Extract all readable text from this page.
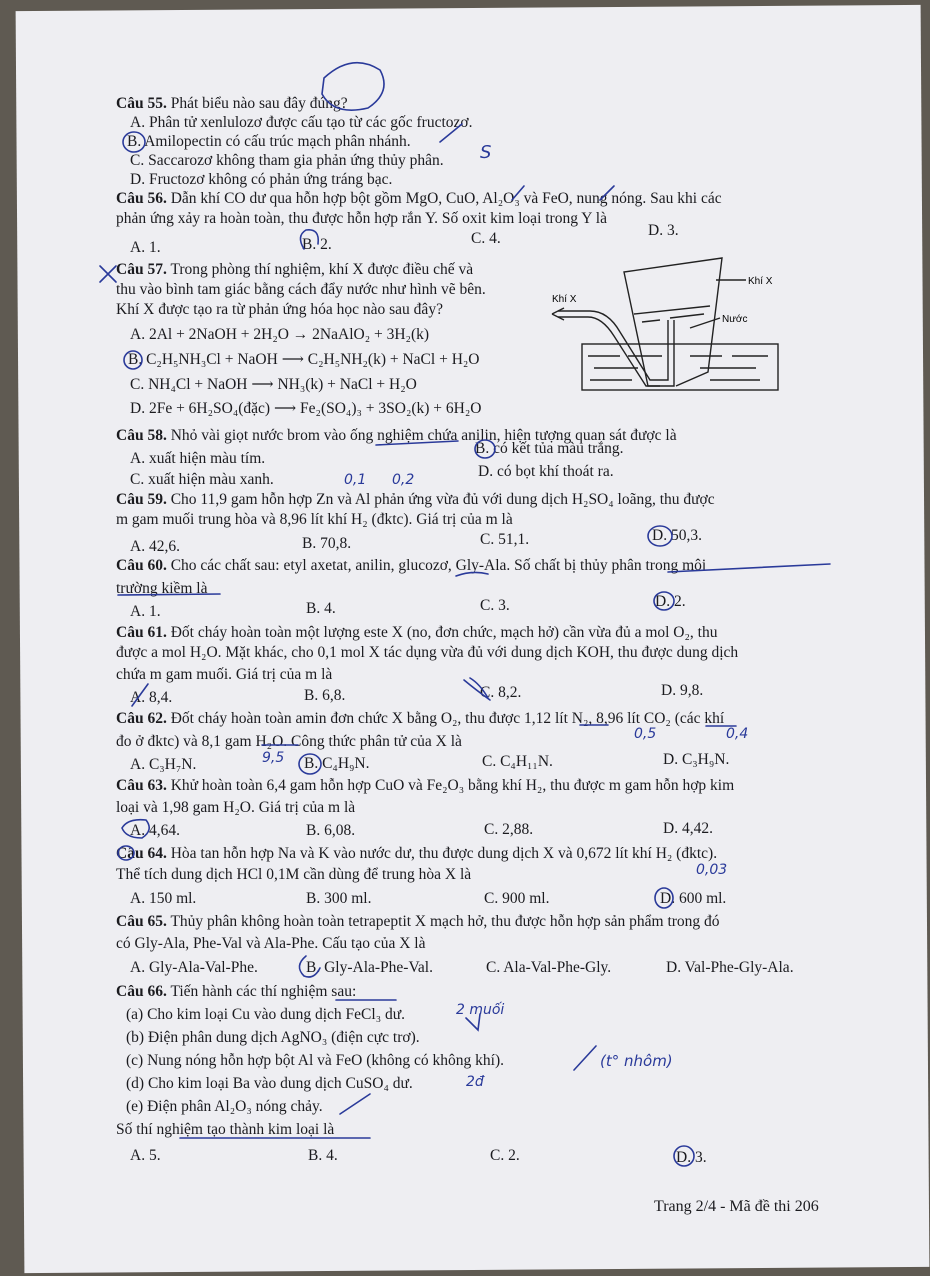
Câu 55. Phát biểu nào sau đây đúng?
A. Phân tử xenlulozơ được cấu tạo từ các gốc fructozơ.
B. Amilopectin có cấu trúc mạch phân nhánh.
C. Saccarozơ không tham gia phản ứng thủy phân.
D. Fructozơ không có phản ứng tráng bạc.
Câu 56. Dẫn khí CO dư qua hỗn hợp bột gồm MgO, CuO, Al₂O₃ và FeO, nung nóng. Sau khi các
phản ứng xảy ra hoàn toàn, thu được hỗn hợp rắn Y. Số oxit kim loại trong Y là
A. 1.	B. 2.	C. 4.	D. 3.
Câu 57. Trong phòng thí nghiệm, khí X được điều chế và
thu vào bình tam giác bằng cách đẩy nước như hình vẽ bên.
Khí X được tạo ra từ phản ứng hóa học nào sau đây?
A. 2Al + 2NaOH + 2H₂O → 2NaAlO₂ + 3H₂(k)
B. C₂H₅NH₃Cl + NaOH ⟶ C₂H₅NH₂(k) + NaCl + H₂O
C. NH₄Cl + NaOH ⟶ NH₃(k) + NaCl + H₂O
D. 2Fe + 6H₂SO₄(đặc) ⟶ Fe₂(SO₄)₃ + 3SO₂(k) + 6H₂O
Khí X
Khí X
Nước
Câu 58. Nhỏ vài giọt nước brom vào ống nghiệm chứa anilin, hiện tượng quan sát được là
A. xuất hiện màu tím.
B. có kết tủa màu trắng.
C. xuất hiện màu xanh.	D. có bọt khí thoát ra.
Câu 59. Cho 11,9 gam hỗn hợp Zn và Al phản ứng vừa đủ với dung dịch H₂SO₄ loãng, thu được
m gam muối trung hòa và 8,96 lít khí H₂ (đktc). Giá trị của m là
A. 42,6.	B. 70,8.	C. 51,1.	D. 50,3.
Câu 60. Cho các chất sau: etyl axetat, anilin, glucozơ, Gly-Ala. Số chất bị thủy phân trong môi
trường kiềm là
A. 1.	B. 4.	C. 3.	D. 2.
Câu 61. Đốt cháy hoàn toàn một lượng este X (no, đơn chức, mạch hở) cần vừa đủ a mol O₂, thu
được a mol H₂O. Mặt khác, cho 0,1 mol X tác dụng vừa đủ với dung dịch KOH, thu được dung dịch
chứa m gam muối. Giá trị của m là
A. 8,4.	B. 6,8.	C. 8,2.	D. 9,8.
Câu 62. Đốt cháy hoàn toàn amin đơn chức X bằng O₂, thu được 1,12 lít N₂, 8,96 lít CO₂ (các khí
đo ở đktc) và 8,1 gam H₂O. Công thức phân tử của X là
A. C₃H₇N.	B. C₄H₉N.	C. C₄H₁₁N.	D. C₃H₉N.
Câu 63. Khử hoàn toàn 6,4 gam hỗn hợp CuO và Fe₂O₃ bằng khí H₂, thu được m gam hỗn hợp kim
loại và 1,98 gam H₂O. Giá trị của m là
A. 4,64.	B. 6,08.	C. 2,88.	D. 4,42.
Câu 64. Hòa tan hỗn hợp Na và K vào nước dư, thu được dung dịch X và 0,672 lít khí H₂ (đktc).
Thể tích dung dịch HCl 0,1M cần dùng để trung hòa X là
A. 150 ml.	B. 300 ml.	C. 900 ml.	D. 600 ml.
Câu 65. Thủy phân không hoàn toàn tetrapeptit X mạch hở, thu được hỗn hợp sản phẩm trong đó
có Gly-Ala, Phe-Val và Ala-Phe. Cấu tạo của X là
A. Gly-Ala-Val-Phe.	B. Gly-Ala-Phe-Val.	C. Ala-Val-Phe-Gly.	D. Val-Phe-Gly-Ala.
Câu 66. Tiến hành các thí nghiệm sau:
(a) Cho kim loại Cu vào dung dịch FeCl₃ dư.
(b) Điện phân dung dịch AgNO₃ (điện cực trơ).
(c) Nung nóng hỗn hợp bột Al và FeO (không có không khí).
(d) Cho kim loại Ba vào dung dịch CuSO₄ dư.
(e) Điện phân Al₂O₃ nóng chảy.
Số thí nghiệm tạo thành kim loại là
A. 5.	B. 4.	C. 2.	D. 3.
Trang 2/4 - Mã đề thi 206
S
0,1 0,2
0,5	0,4
9,5
0,03
2 muối
2đ
(t° nhôm)
